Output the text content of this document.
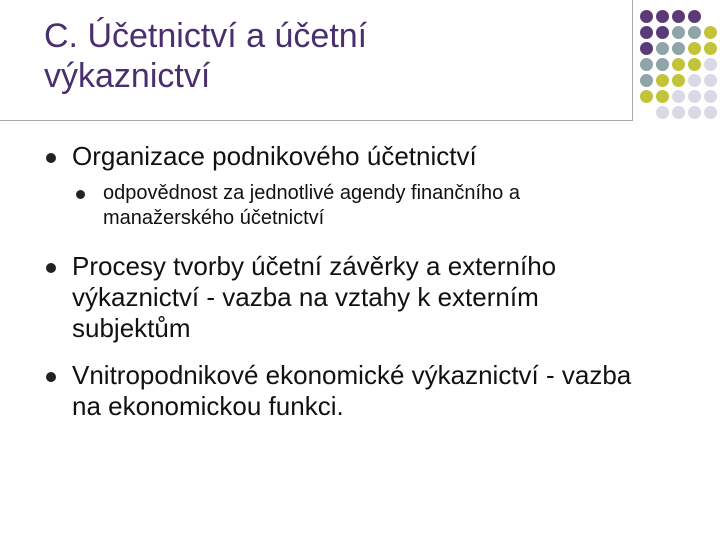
C. Účetnictví a účetní
výkaznictví
Organizace podnikového účetnictví
odpovědnost za jednotlivé agendy finančního a
manažerského účetnictví
Procesy tvorby účetní závěrky a externího
výkaznictví - vazba na vztahy k externím
subjektům
Vnitropodnikové ekonomické výkaznictví - vazba
na ekonomickou funkci.
